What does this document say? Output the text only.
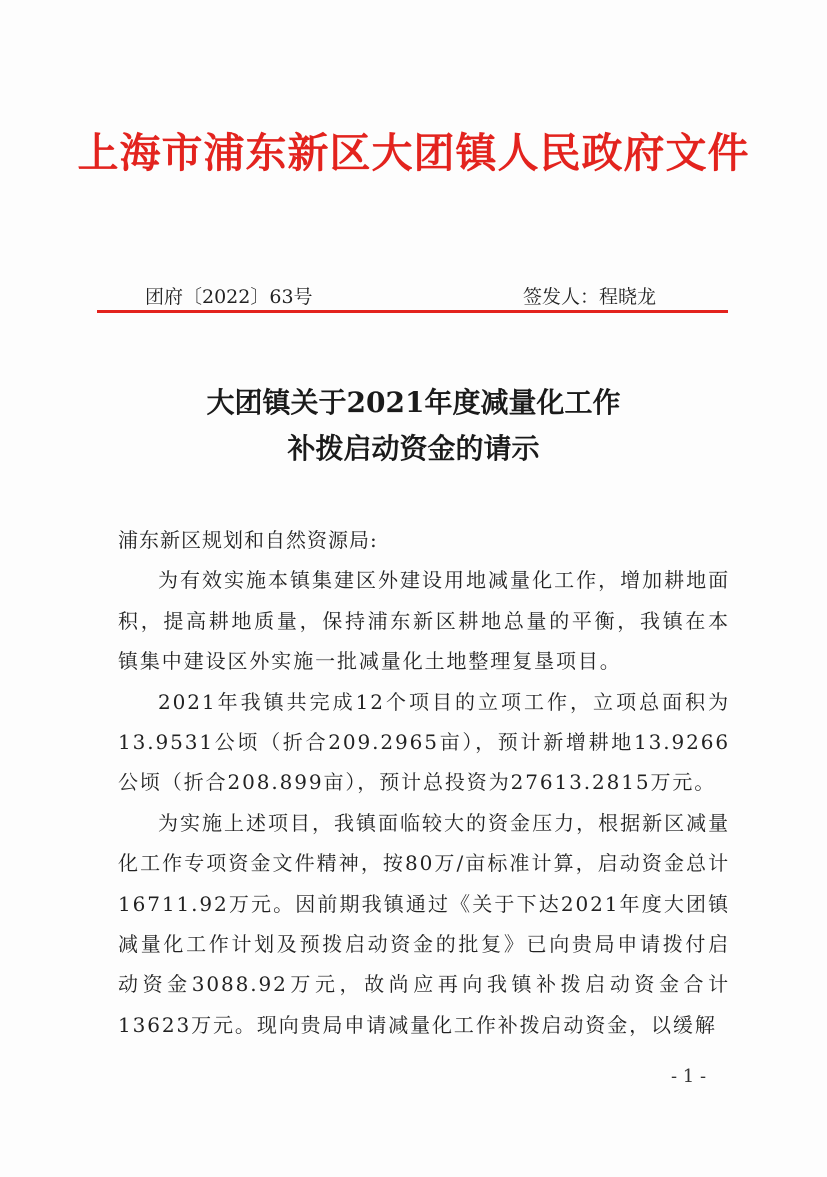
上海市浦东新区大团镇人民政府文件
团府〔2022〕63号	签发人：程晓龙
大团镇关于2021年度减量化工作
补拨启动资金的请示

浦东新区规划和自然资源局:

为有效实施本镇集建区外建设用地减量化工作，增加耕地面积，提高耕地质量，保持浦东新区耕地总量的平衡，我镇在本镇集中建设区外实施一批减量化土地整理复垦项目。

2021年我镇共完成12个项目的立项工作，立项总面积为13.9531公顷（折合209.2965亩），预计新增耕地13.9266公顷（折合208.899亩），预计总投资为27613.2815万元。

为实施上述项目，我镇面临较大的资金压力，根据新区减量化工作专项资金文件精神，按80万/亩标准计算，启动资金总计16711.92万元。因前期我镇通过《关于下达2021年度大团镇减量化工作计划及预拨启动资金的批复》已向贵局申请拨付启动资金3088.92万元，故尚应再向我镇补拨启动资金合计13623万元。现向贵局申请减量化工作补拨启动资金，以缓解

- 1 -
